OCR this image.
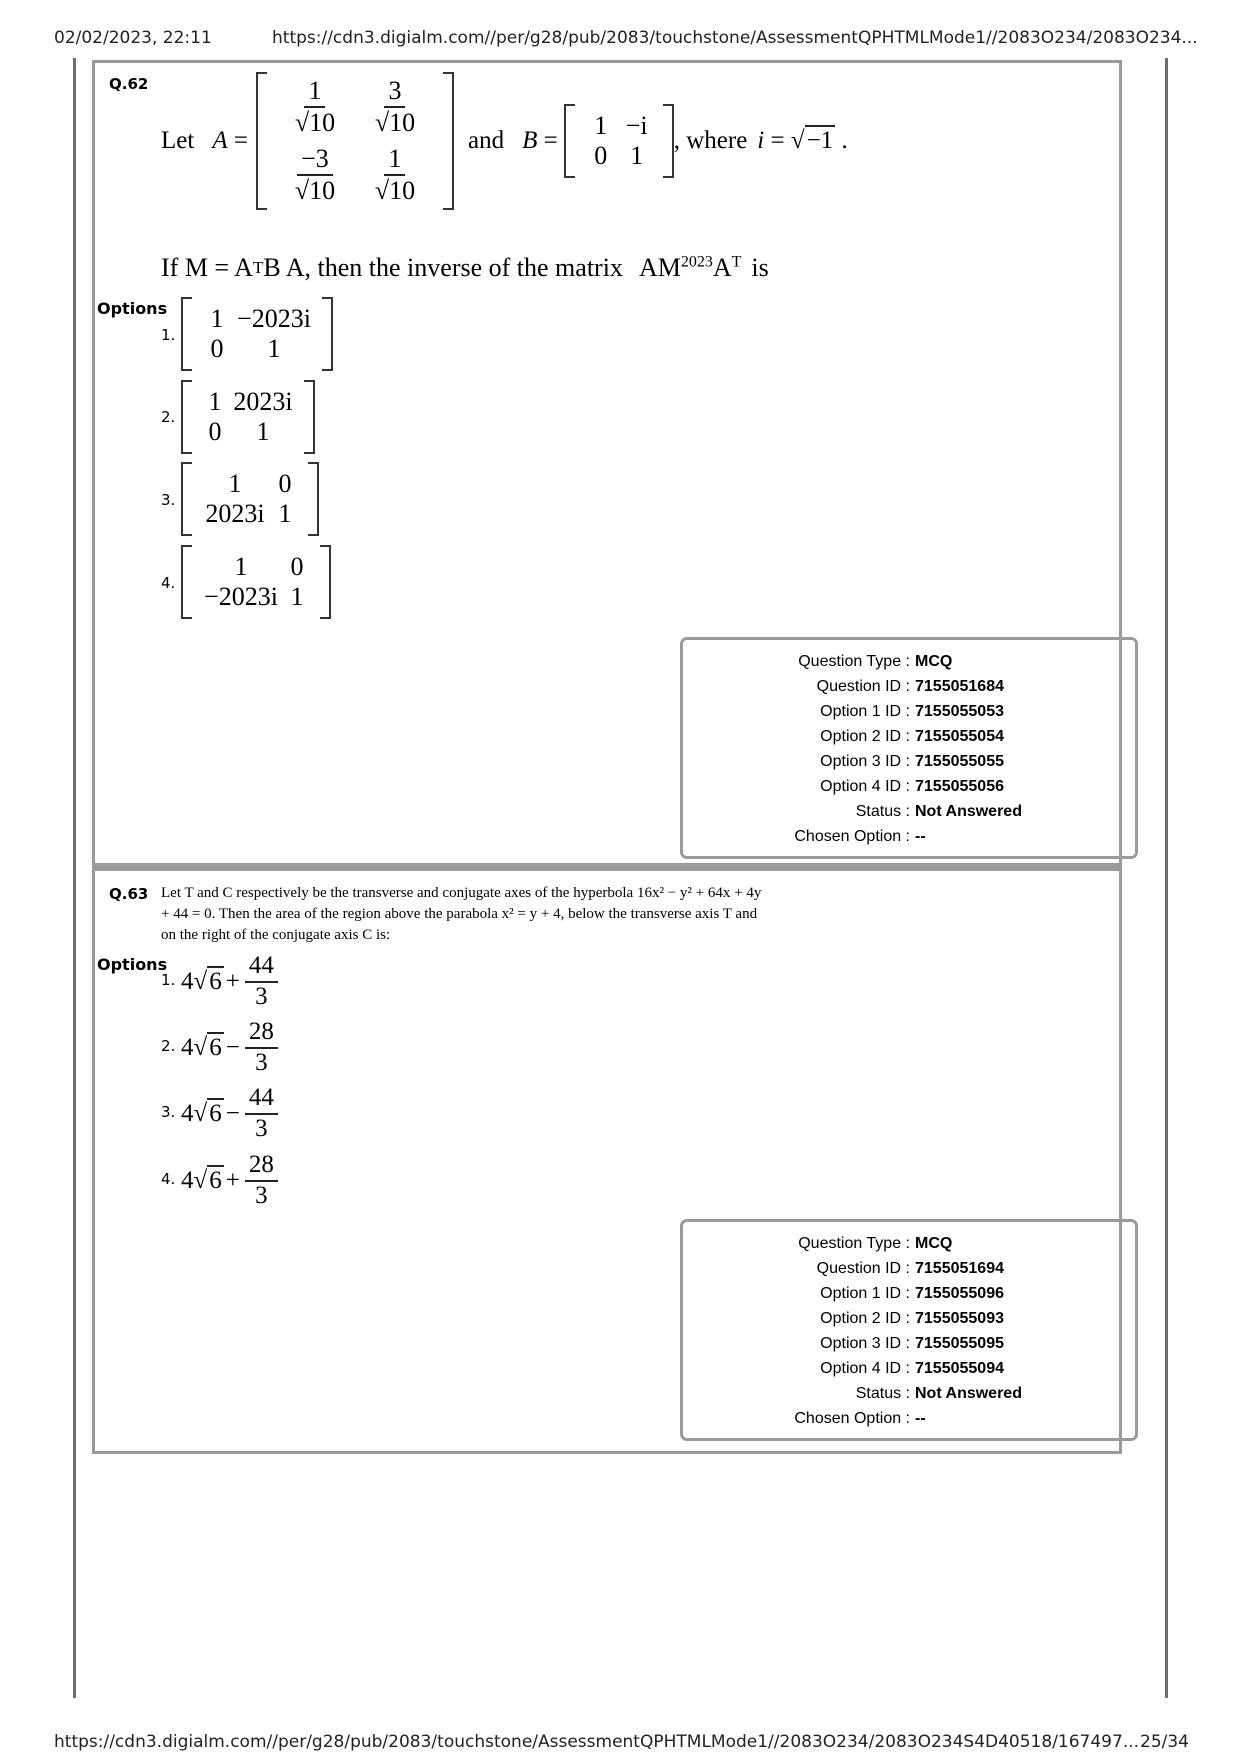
02/02/2023, 22:11	https://cdn3.digialm.com//per/g28/pub/2083/touchstone/AssessmentQPHTMLMode1//2083O234/2083O234...
https://cdn3.digialm.com//per/g28/pub/2083/touchstone/AssessmentQPHTMLMode1//2083O234/2083O234S4D40518/167497... 25/34
Q.62
Let A =
$\frac{1}{√10} \frac{3}{√10}$
$\frac{-3}{√10} \frac{1}{√10}$
and B =
1 −i
0 1
, where i = √−1 .
If M = A T B A, then the inverse of the matrix $AM^{2023}A^T$ is
Options
1.
1 −2023i
0 1
2.
1 2023i
0 1
3.
1 0
2023i 1
4.
1 0
−2023i 1
Question Type : MCQ
Question ID : 7155051684
Option 1 ID : 7155055053
Option 2 ID : 7155055054
Option 3 ID : 7155055055
Option 4 ID : 7155055056
Status : Not Answered
Chosen Option : --
Q.63 Let T and C respectively be the transverse and conjugate axes of the hyperbola 16x² − y² + 64x + 4y
+ 44 = 0. Then the area of the region above the parabola x² = y + 4, below the transverse axis T and
on the right of the conjugate axis C is:
Options
1. $4√6 + \frac{44}{3}$
2. $4√6 - \frac{28}{3}$
3. $4√6 - \frac{44}{3}$
4. $4√6 + \frac{28}{3}$
Question Type : MCQ
Question ID : 7155051694
Option 1 ID : 7155055096
Option 2 ID : 7155055093
Option 3 ID : 7155055095
Option 4 ID : 7155055094
Status : Not Answered
Chosen Option : --
